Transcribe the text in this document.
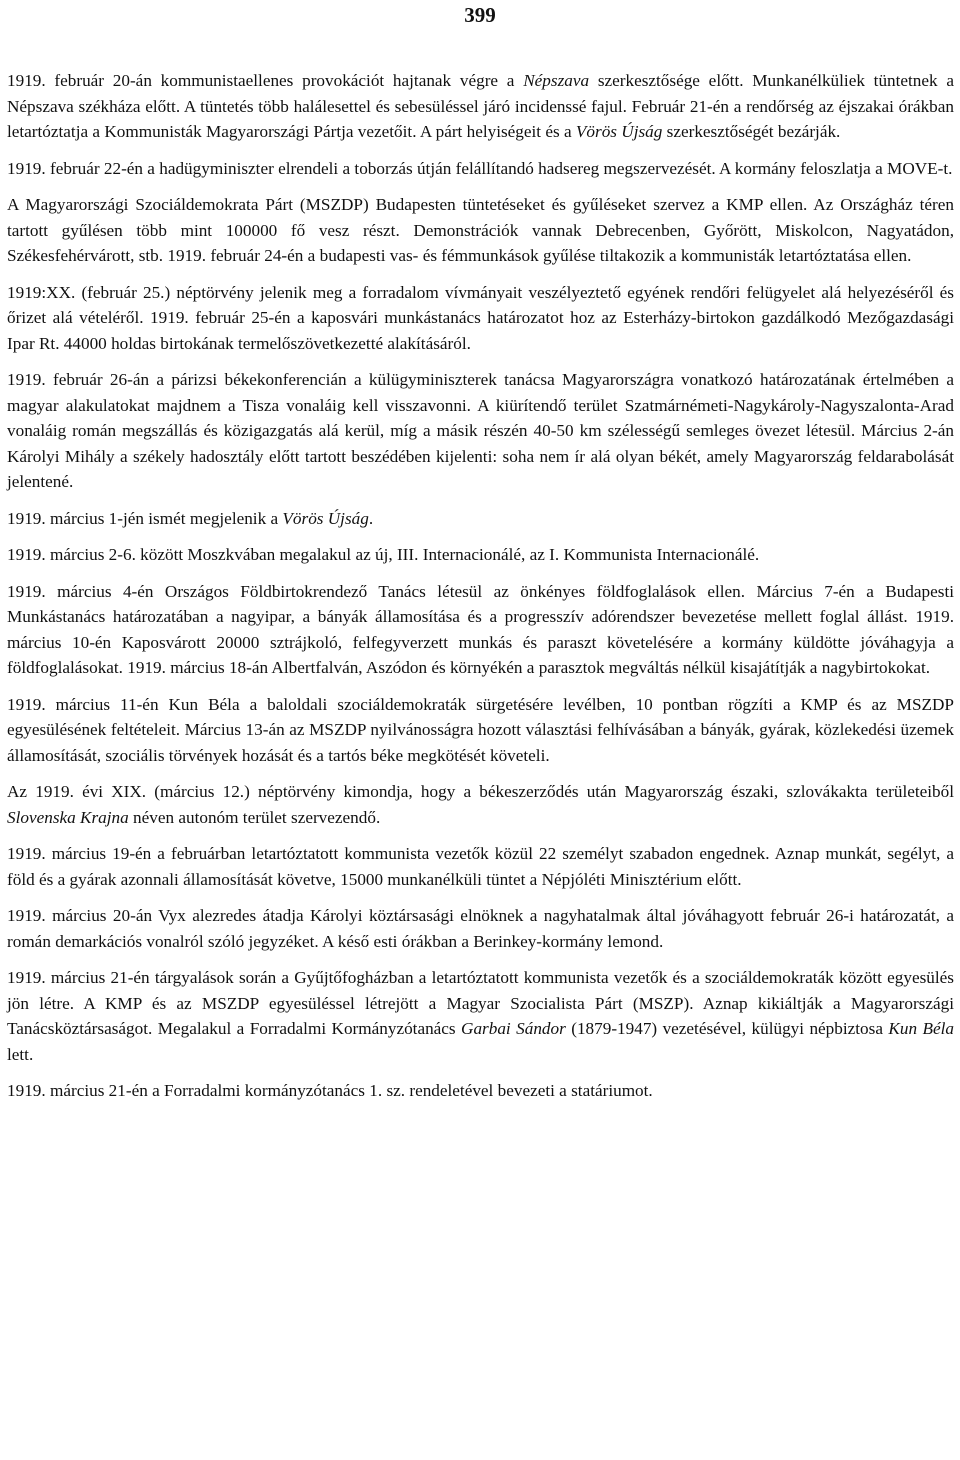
399

1919. február 20-án kommunistaellenes provokációt hajtanak végre a Népszava szerkesztősége előtt. Munkanélküliek tüntetnek a Népszava székháza előtt. A tüntetés több halálesettel és sebesüléssel járó incidenssé fajul. Február 21-én a rendőrség az éjszakai órákban letartóztatja a Kommunisták Magyarországi Pártja vezetőit. A párt helyiségeit és a Vörös Újság szerkesztőségét bezárják.

1919. február 22-én a hadügyminiszter elrendeli a toborzás útján felállítandó hadsereg megszervezését. A kormány feloszlatja a MOVE-t.

A Magyarországi Szociáldemokrata Párt (MSZDP) Budapesten tüntetéseket és gyűléseket szervez a KMP ellen. Az Országház téren tartott gyűlésen több mint 100000 fő vesz részt. Demonstrációk vannak Debrecenben, Győrött, Miskolcon, Nagyatádon, Székesfehérvárott, stb. 1919. február 24-én a budapesti vas- és fémmunkások gyűlése tiltakozik a kommunisták letartóztatása ellen.

1919:XX. (február 25.) néptörvény jelenik meg a forradalom vívmányait veszélyeztető egyének rendőri felügyelet alá helyezéséről és őrizet alá vételéről. 1919. február 25-én a kaposvári munkástanács határozatot hoz az Esterházy-birtokon gazdálkodó Mezőgazdasági Ipar Rt. 44000 holdas birtokának termelőszövetkezetté alakításáról.

1919. február 26-án a párizsi békekonferencián a külügyminiszterek tanácsa Magyarországra vonatkozó határozatának értelmében a magyar alakulatokat majdnem a Tisza vonaláig kell visszavonni. A kiürítendő terület Szatmárnémeti-Nagykároly-Nagyszalonta-Arad vonaláig román megszállás és közigazgatás alá kerül, míg a másik részén 40-50 km szélességű semleges övezet létesül. Március 2-án Károlyi Mihály a székely hadosztály előtt tartott beszédében kijelenti: soha nem ír alá olyan békét, amely Magyarország feldarabolását jelentené.

1919. március 1-jén ismét megjelenik a Vörös Újság.

1919. március 2-6. között Moszkvában megalakul az új, III. Internacionálé, az I. Kommunista Internacionálé.

1919. március 4-én Országos Földbirtokrendező Tanács létesül az önkényes földfoglalások ellen. Március 7-én a Budapesti Munkástanács határozatában a nagyipar, a bányák államosítása és a progresszív adórendszer bevezetése mellett foglal állást. 1919. március 10-én Kaposvárott 20000 sztrájkoló, felfegyverzett munkás és paraszt követelésére a kormány küldötte jóváhagyja a földfoglalásokat. 1919. március 18-án Albertfalván, Aszódon és környékén a parasztok megváltás nélkül kisajátítják a nagybirtokokat.

1919. március 11-én Kun Béla a baloldali szociáldemokraták sürgetésére levélben, 10 pontban rögzíti a KMP és az MSZDP egyesülésének feltételeit. Március 13-án az MSZDP nyilvánosságra hozott választási felhívásában a bányák, gyárak, közlekedési üzemek államosítását, szociális törvények hozását és a tartós béke megkötését követeli.

Az 1919. évi XIX. (március 12.) néptörvény kimondja, hogy a békeszerződés után Magyarország északi, szlovákakta területeiből Slovenska Krajna néven autonóm terület szervezendő.

1919. március 19-én a februárban letartóztatott kommunista vezetők közül 22 személyt szabadon engednek. Aznap munkát, segélyt, a föld és a gyárak azonnali államosítását követve, 15000 munkanélküli tüntet a Népjóléti Minisztérium előtt.

1919. március 20-án Vyx alezredes átadja Károlyi köztársasági elnöknek a nagyhatalmak által jóváhagyott február 26-i határozatát, a román demarkációs vonalról szóló jegyzéket. A késő esti órákban a Berinkey-kormány lemond.

1919. március 21-én tárgyalások során a Gyűjtőfogházban a letartóztatott kommunista vezetők és a szociáldemokraták között egyesülés jön létre. A KMP és az MSZDP egyesüléssel létrejött a Magyar Szocialista Párt (MSZP). Aznap kikiáltják a Magyarországi Tanácsköztársaságot. Megalakul a Forradalmi Kormányzótanács Garbai Sándor (1879-1947) vezetésével, külügyi népbiztosa Kun Béla lett.

1919. március 21-én a Forradalmi kormányzótanács 1. sz. rendeletével bevezeti a statáriumot.
